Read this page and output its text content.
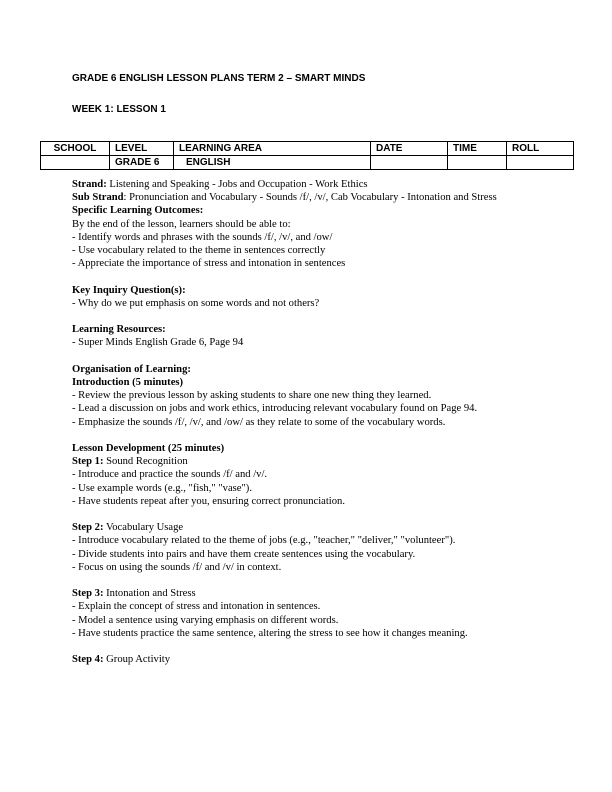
GRADE 6 ENGLISH LESSON PLANS TERM 2 – SMART MINDS
WEEK 1: LESSON 1
SCHOOL	LEVEL	LEARNING AREA	DATE	TIME	ROLL
	GRADE 6	ENGLISH			

Strand: Listening and Speaking - Jobs and Occupation - Work Ethics

Sub Strand: Pronunciation and Vocabulary - Sounds /f/, /v/, Cab Vocabulary - Intonation and Stress

Specific Learning Outcomes:

By the end of the lesson, learners should be able to:

- Identify words and phrases with the sounds /f/, /v/, and /ow/

- Use vocabulary related to the theme in sentences correctly

- Appreciate the importance of stress and intonation in sentences

Key Inquiry Question(s):

- Why do we put emphasis on some words and not others?

Learning Resources:

- Super Minds English Grade 6, Page 94

Organisation of Learning:

Introduction (5 minutes)

- Review the previous lesson by asking students to share one new thing they learned.

- Lead a discussion on jobs and work ethics, introducing relevant vocabulary found on Page 94.

- Emphasize the sounds /f/, /v/, and /ow/ as they relate to some of the vocabulary words.

Lesson Development (25 minutes)

Step 1: Sound Recognition

- Introduce and practice the sounds /f/ and /v/.

- Use example words (e.g., "fish," "vase").

- Have students repeat after you, ensuring correct pronunciation.

Step 2: Vocabulary Usage

- Introduce vocabulary related to the theme of jobs (e.g., "teacher," "deliver," "volunteer").

- Divide students into pairs and have them create sentences using the vocabulary.

- Focus on using the sounds /f/ and /v/ in context.

Step 3: Intonation and Stress

- Explain the concept of stress and intonation in sentences.

- Model a sentence using varying emphasis on different words.

- Have students practice the same sentence, altering the stress to see how it changes meaning.

Step 4: Group Activity
